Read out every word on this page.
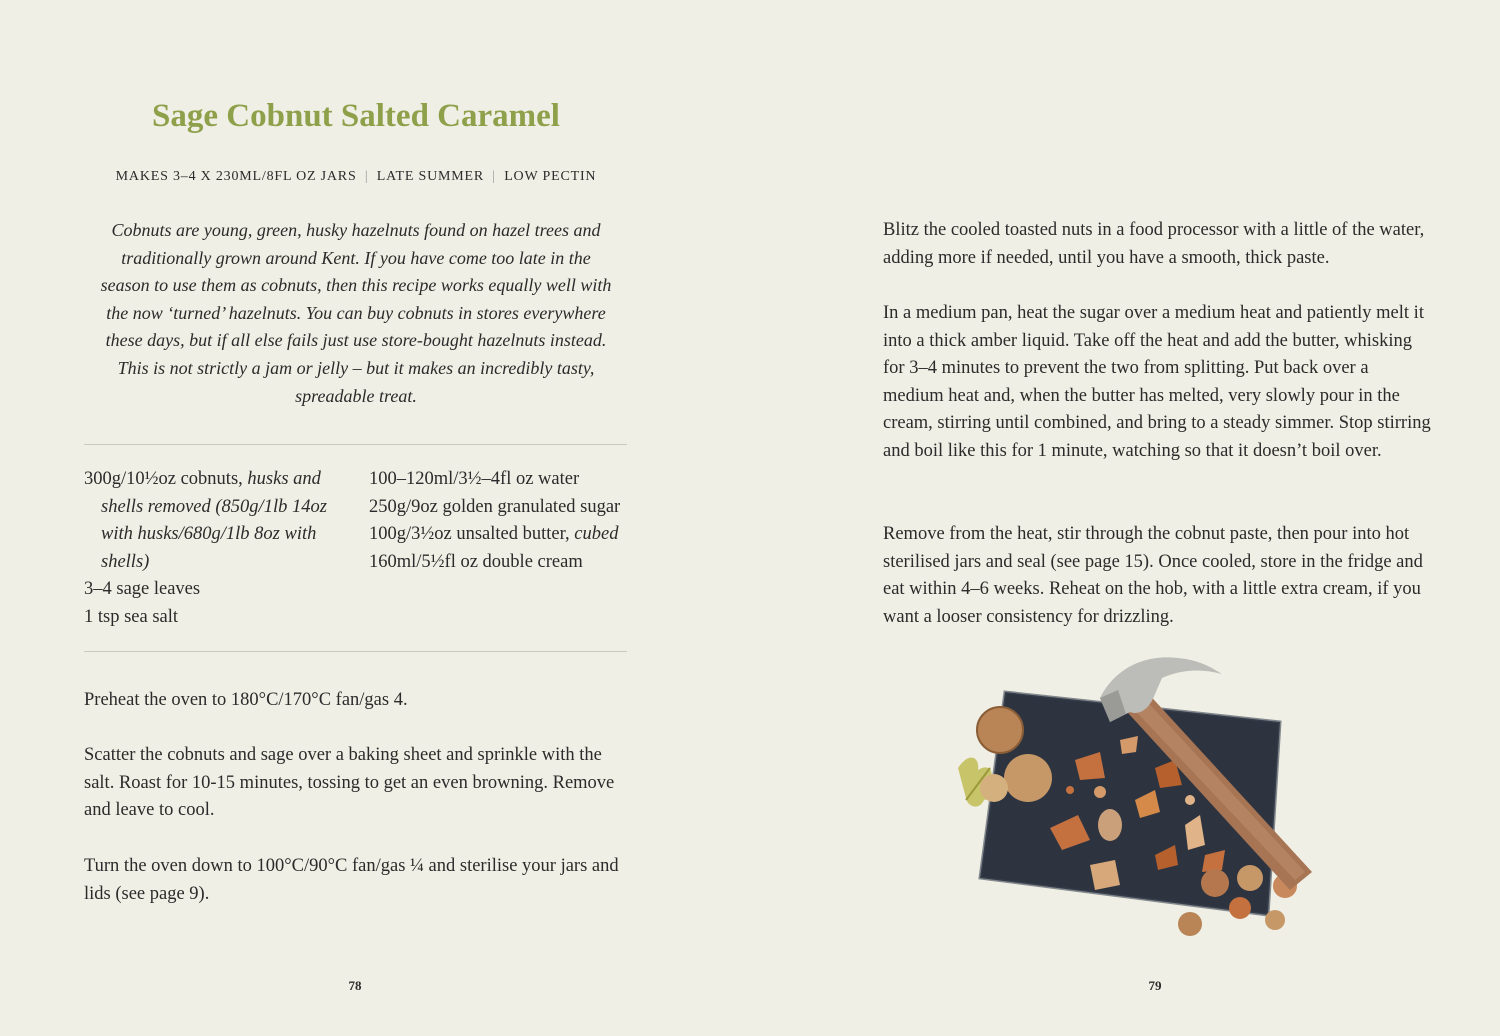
Sage Cobnut Salted Caramel
MAKES 3–4 X 230ML/8FL OZ JARS | LATE SUMMER | LOW PECTIN

Cobnuts are young, green, husky hazelnuts found on hazel trees and traditionally grown around Kent. If you have come too late in the season to use them as cobnuts, then this recipe works equally well with the now ‘turned’ hazelnuts. You can buy cobnuts in stores everywhere these days, but if all else fails just use store-bought hazelnuts instead. This is not strictly a jam or jelly – but it makes an incredibly tasty, spreadable treat.

300g/10½oz cobnuts, husks and shells removed (850g/1lb 14oz with husks/680g/1lb 8oz with shells)
3–4 sage leaves
1 tsp sea salt
100–120ml/3½–4fl oz water
250g/9oz golden granulated sugar
100g/3½oz unsalted butter, cubed
160ml/5½fl oz double cream

Preheat the oven to 180°C/170°C fan/gas 4.

Scatter the cobnuts and sage over a baking sheet and sprinkle with the salt. Roast for 10-15 minutes, tossing to get an even browning. Remove and leave to cool.

Turn the oven down to 100°C/90°C fan/gas ¼ and sterilise your jars and lids (see page 9).

78

Blitz the cooled toasted nuts in a food processor with a little of the water, adding more if needed, until you have a smooth, thick paste.

In a medium pan, heat the sugar over a medium heat and patiently melt it into a thick amber liquid. Take off the heat and add the butter, whisking for 3–4 minutes to prevent the two from splitting. Put back over a medium heat and, when the butter has melted, very slowly pour in the cream, stirring until combined, and bring to a steady simmer. Stop stirring and boil like this for 1 minute, watching so that it doesn’t boil over.

Remove from the heat, stir through the cobnut paste, then pour into hot sterilised jars and seal (see page 15). Once cooled, store in the fridge and eat within 4–6 weeks. Reheat on the hob, with a little extra cream, if you want a looser consistency for drizzling.

79
